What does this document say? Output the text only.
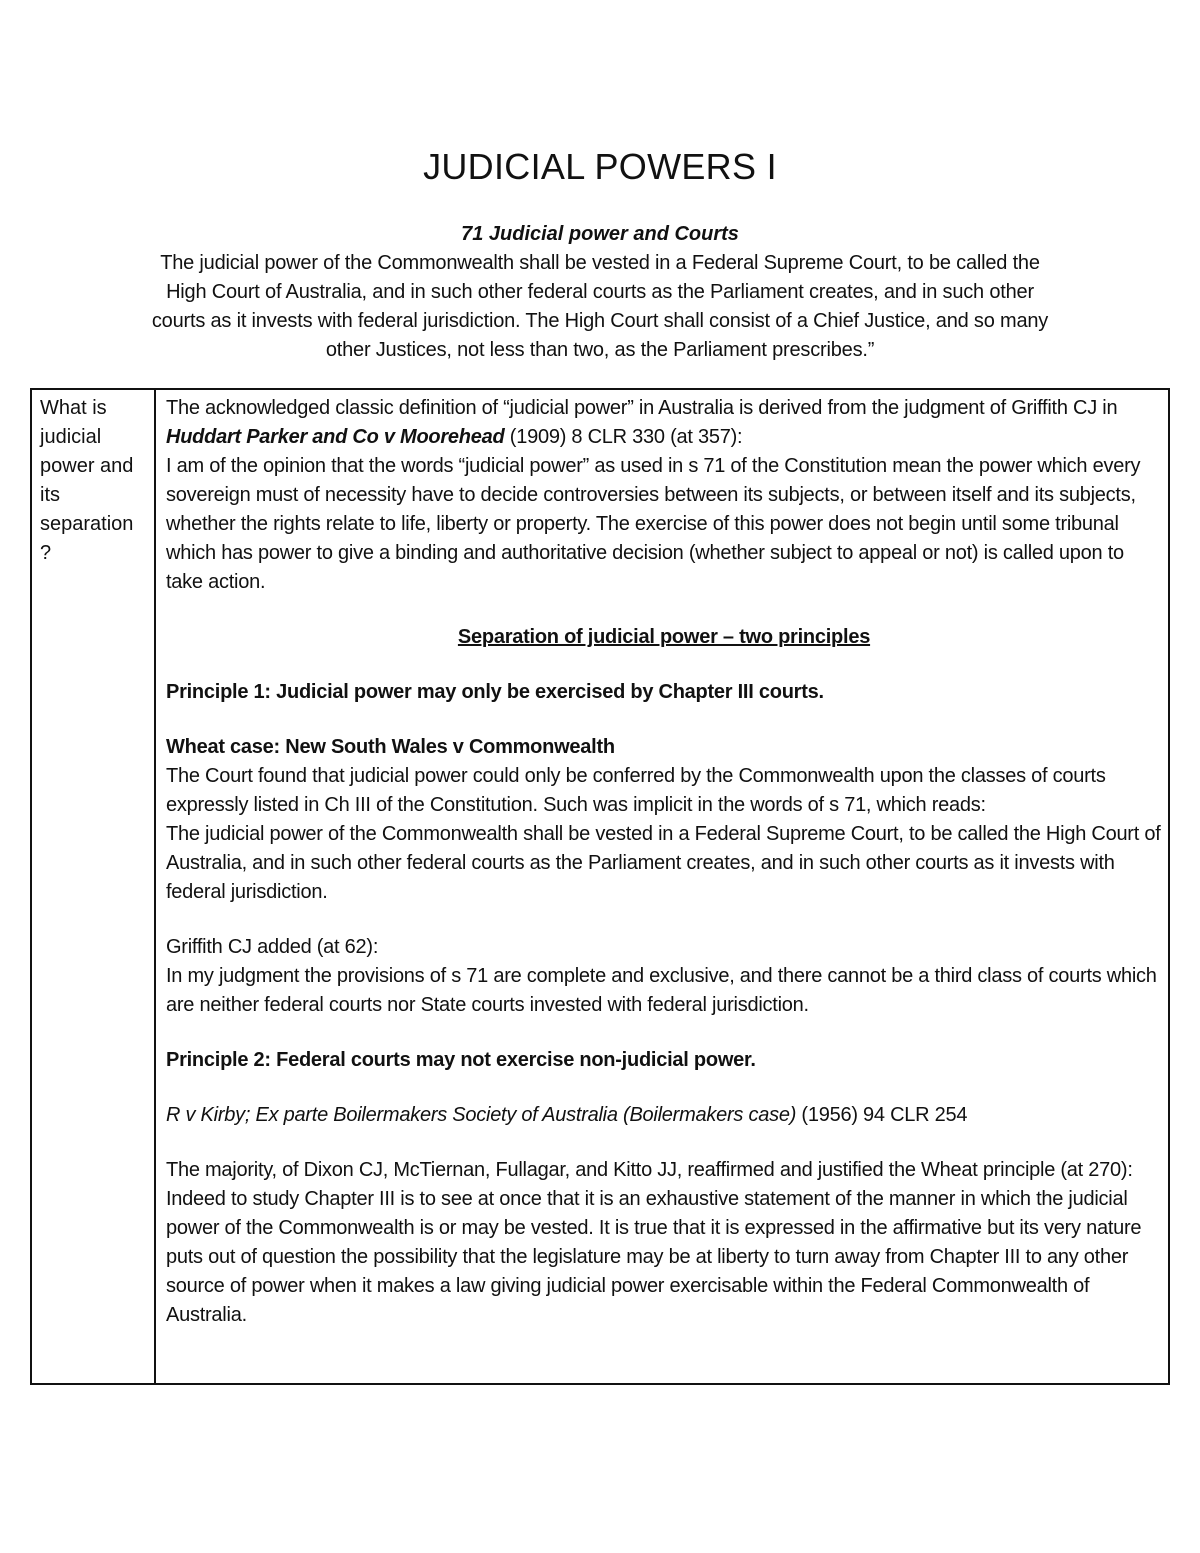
JUDICIAL POWERS I
71 Judicial power and Courts
The judicial power of the Commonwealth shall be vested in a Federal Supreme Court, to be called the High Court of Australia, and in such other federal courts as the Parliament creates, and in such other courts as it invests with federal jurisdiction. The High Court shall consist of a Chief Justice, and so many other Justices, not less than two, as the Parliament prescribes.”
What is judicial power and its separation ?

The acknowledged classic definition of “judicial power” in Australia is derived from the judgment of Griffith CJ in Huddart Parker and Co v Moorehead (1909) 8 CLR 330 (at 357):

I am of the opinion that the words “judicial power” as used in s 71 of the Constitution mean the power which every sovereign must of necessity have to decide controversies between its subjects, or between itself and its subjects, whether the rights relate to life, liberty or property. The exercise of this power does not begin until some tribunal which has power to give a binding and authoritative decision (whether subject to appeal or not) is called upon to take action.

Separation of judicial power – two principles

Principle 1: Judicial power may only be exercised by Chapter III courts.

Wheat case: New South Wales v Commonwealth

The Court found that judicial power could only be conferred by the Commonwealth upon the classes of courts expressly listed in Ch III of the Constitution. Such was implicit in the words of s 71, which reads:

The judicial power of the Commonwealth shall be vested in a Federal Supreme Court, to be called the High Court of Australia, and in such other federal courts as the Parliament creates, and in such other courts as it invests with federal jurisdiction.

Griffith CJ added (at 62):

In my judgment the provisions of s 71 are complete and exclusive, and there cannot be a third class of courts which are neither federal courts nor State courts invested with federal jurisdiction.

Principle 2: Federal courts may not exercise non-judicial power.

R v Kirby; Ex parte Boilermakers Society of Australia (Boilermakers case) (1956) 94 CLR 254

The majority, of Dixon CJ, McTiernan, Fullagar, and Kitto JJ, reaffirmed and justified the Wheat principle (at 270):

Indeed to study Chapter III is to see at once that it is an exhaustive statement of the manner in which the judicial power of the Commonwealth is or may be vested. It is true that it is expressed in the affirmative but its very nature puts out of question the possibility that the legislature may be at liberty to turn away from Chapter III to any other source of power when it makes a law giving judicial power exercisable within the Federal Commonwealth of Australia.
